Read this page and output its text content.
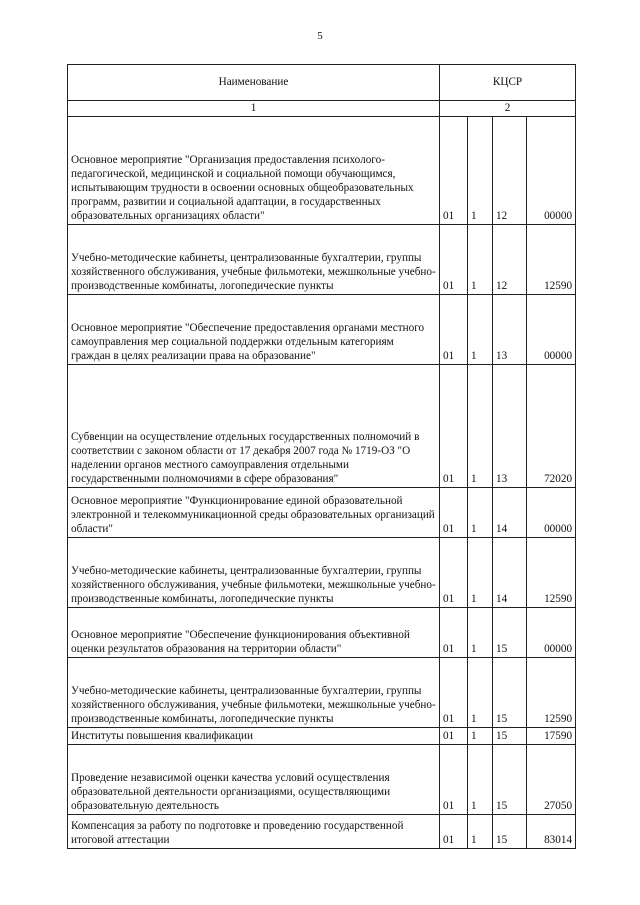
5
Наименование	КЦСР			
1	2			
Основное мероприятие "Организация предоставления психолого-педагогической, медицинской и социальной помощи обучающимся, испытывающим трудности в освоении основных общеобразовательных программ, развитии и социальной адаптации, в государственных образовательных организациях области"	01	1	12	00000
Учебно-методические кабинеты, централизованные бухгалтерии, группы хозяйственного обслуживания, учебные фильмотеки, межшкольные учебно-производственные комбинаты, логопедические пункты	01	1	12	12590
Основное мероприятие "Обеспечение предоставления органами местного самоуправления мер социальной поддержки отдельным категориям граждан в целях реализации права на образование"	01	1	13	00000
Субвенции на осуществление отдельных государственных полномочий в соответствии с законом области от 17 декабря 2007 года № 1719-ОЗ "О наделении органов местного самоуправления отдельными государственными полномочиями в сфере образования"	01	1	13	72020
Основное мероприятие "Функционирование единой образовательной электронной и телекоммуникационной среды образовательных организаций области"	01	1	14	00000
Учебно-методические кабинеты, централизованные бухгалтерии, группы хозяйственного обслуживания, учебные фильмотеки, межшкольные учебно-производственные комбинаты, логопедические пункты	01	1	14	12590
Основное мероприятие "Обеспечение функционирования объективной оценки результатов образования на территории области"	01	1	15	00000
Учебно-методические кабинеты, централизованные бухгалтерии, группы хозяйственного обслуживания, учебные фильмотеки, межшкольные учебно-производственные комбинаты, логопедические пункты	01	1	15	12590
Институты повышения квалификации	01	1	15	17590
Проведение независимой оценки качества условий осуществления образовательной деятельности организациями, осуществляющими образовательную деятельность	01	1	15	27050
Компенсация за работу по подготовке и проведению государственной итоговой аттестации	01	1	15	83014
